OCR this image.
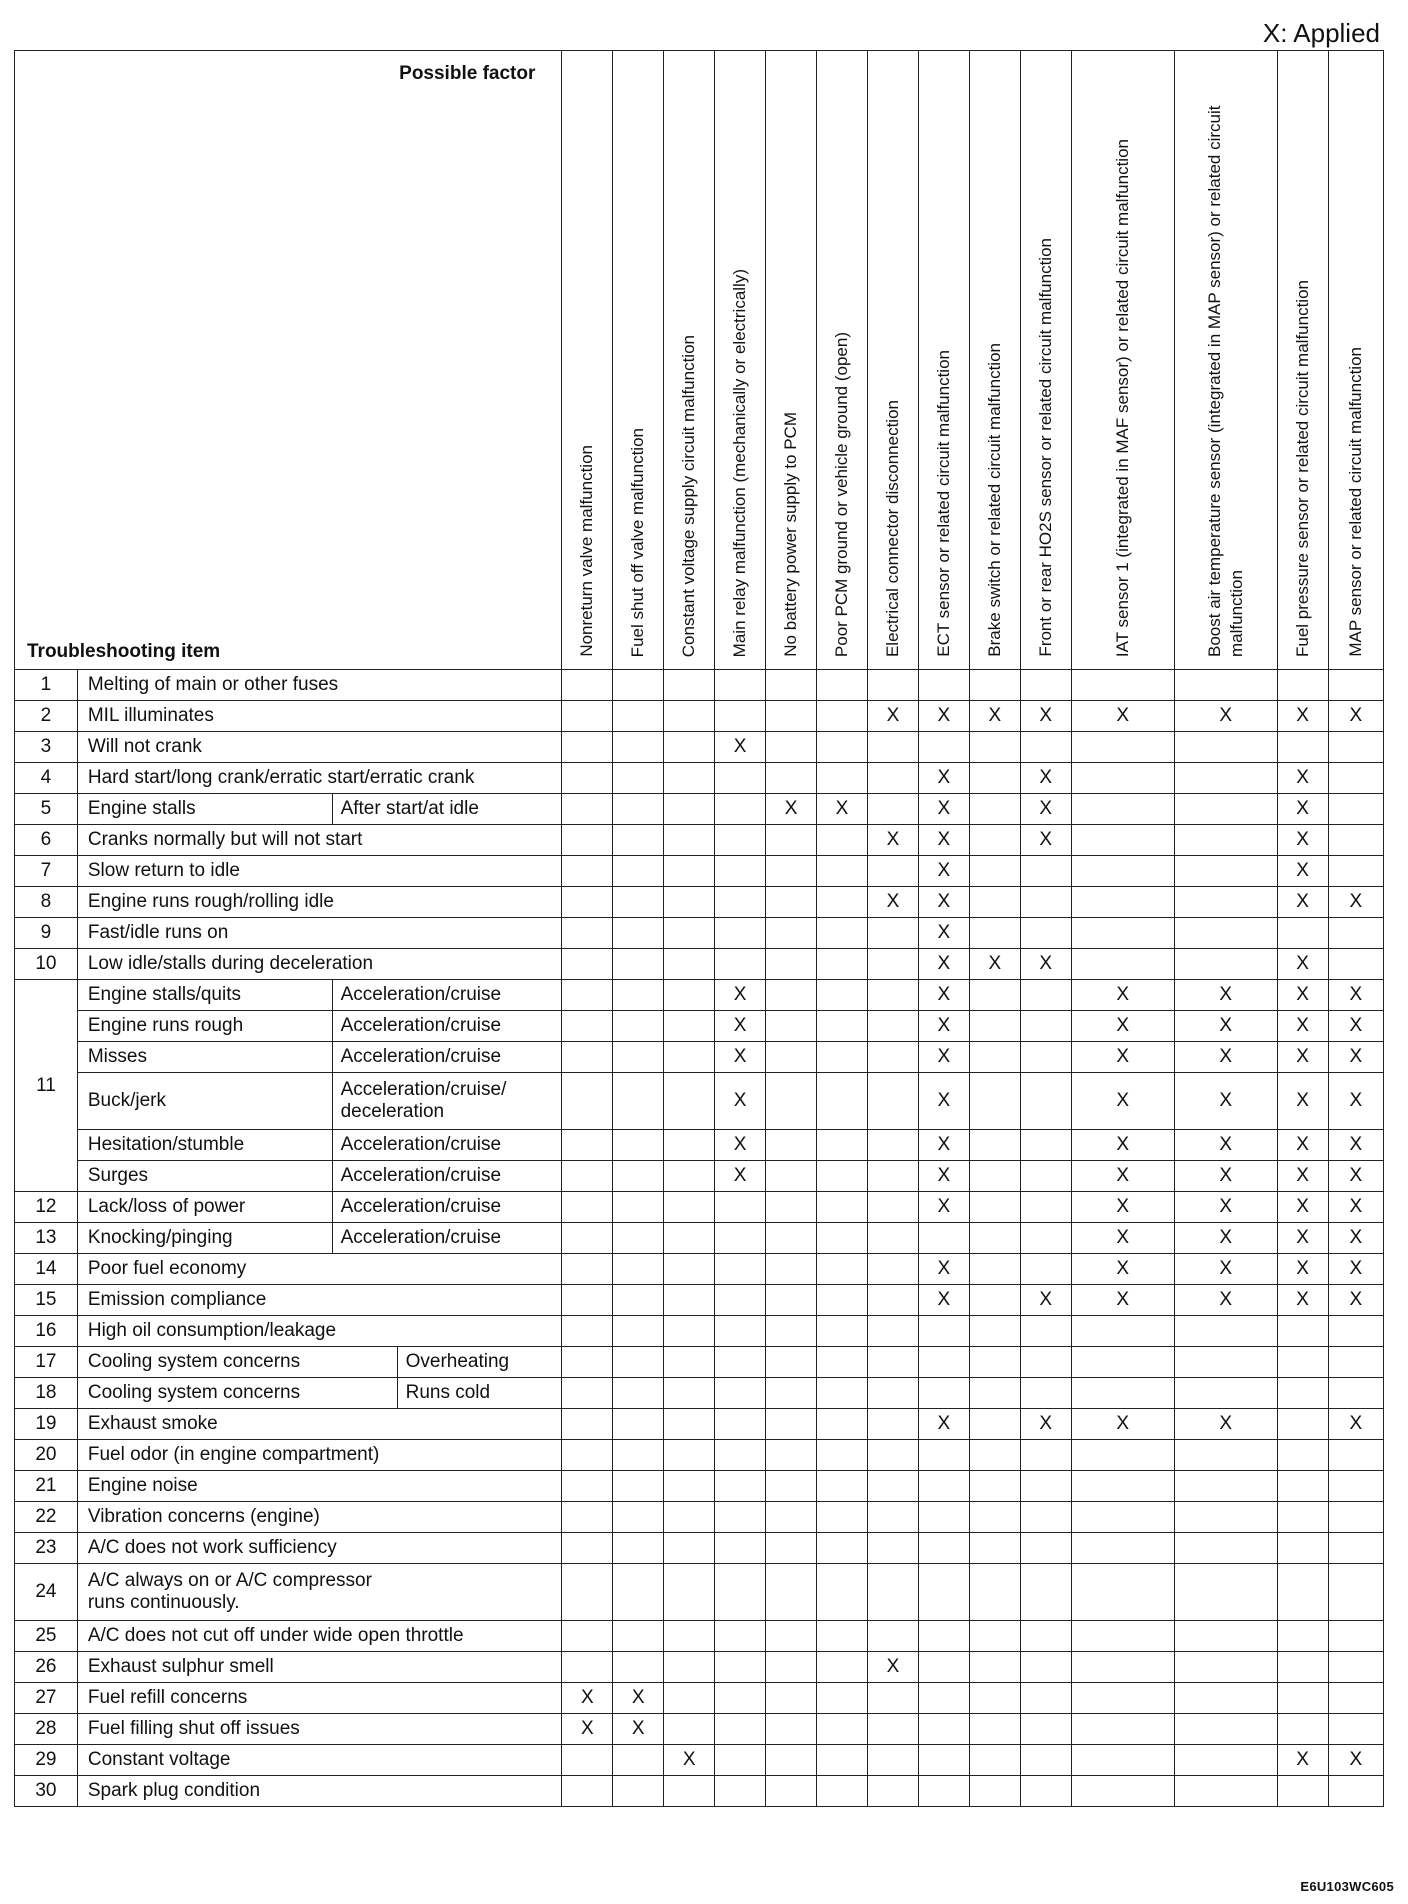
X: Applied
Possible factor
Troubleshooting item				Nonreturn valve malfunction	Fuel shut off valve malfunction	Constant voltage supply circuit malfunction	Main relay malfunction (mechanically or electrically)	No battery power supply to PCM	Poor PCM ground or vehicle ground (open)	Electrical connector disconnection	ECT sensor or related circuit malfunction	Brake switch or related circuit malfunction	Front or rear HO2S sensor or related circuit malfunction	IAT sensor 1 (integrated in MAF sensor) or related circuit malfunction	Boost air temperature sensor (integrated in MAP sensor) or related circuit malfunction	Fuel pressure sensor or related circuit malfunction	MAP sensor or related circuit malfunction

1	Melting of main or other fuses																
2	MIL illuminates									X	X	X	X	X	X	X	X
3	Will not crank						X										
4	Hard start/long crank/erratic start/erratic crank										X		X			X	
5	Engine stalls	After start/at idle						X	X		X		X			X	
6	Cranks normally but will not start									X	X		X			X	
7	Slow return to idle										X					X	
8	Engine runs rough/rolling idle									X	X					X	X
9	Fast/idle runs on										X						
10	Low idle/stalls during deceleration										X	X	X			X	
11	Engine stalls/quits	Acceleration/cruise					X				X			X	X	X	X
	Engine runs rough	Acceleration/cruise					X				X			X	X	X	X
	Misses	Acceleration/cruise					X				X			X	X	X	X
	Buck/jerk	Acceleration/cruise/
deceleration					X				X			X	X	X	X
	Hesitation/stumble	Acceleration/cruise					X				X			X	X	X	X
	Surges	Acceleration/cruise					X				X			X	X	X	X
12	Lack/loss of power	Acceleration/cruise									X			X	X	X	X
13	Knocking/pinging	Acceleration/cruise												X	X	X	X
14	Poor fuel economy										X			X	X	X	X
15	Emission compliance										X		X	X	X	X	X
16	High oil consumption/leakage																
17	Cooling system concerns		Overheating														
18	Cooling system concerns		Runs cold														
19	Exhaust smoke										X		X	X	X		X
20	Fuel odor (in engine compartment)																
21	Engine noise																
22	Vibration concerns (engine)																
23	A/C does not work sufficiency																
24	A/C always on or A/C compressor
runs continuously.																

25	A/C does not cut off under wide open throttle																
26	Exhaust sulphur smell									X							
27	Fuel refill concerns			X	X												
28	Fuel filling shut off issues			X	X												
29	Constant voltage					X										X	X
30	Spark plug condition																
E6U103WC605
